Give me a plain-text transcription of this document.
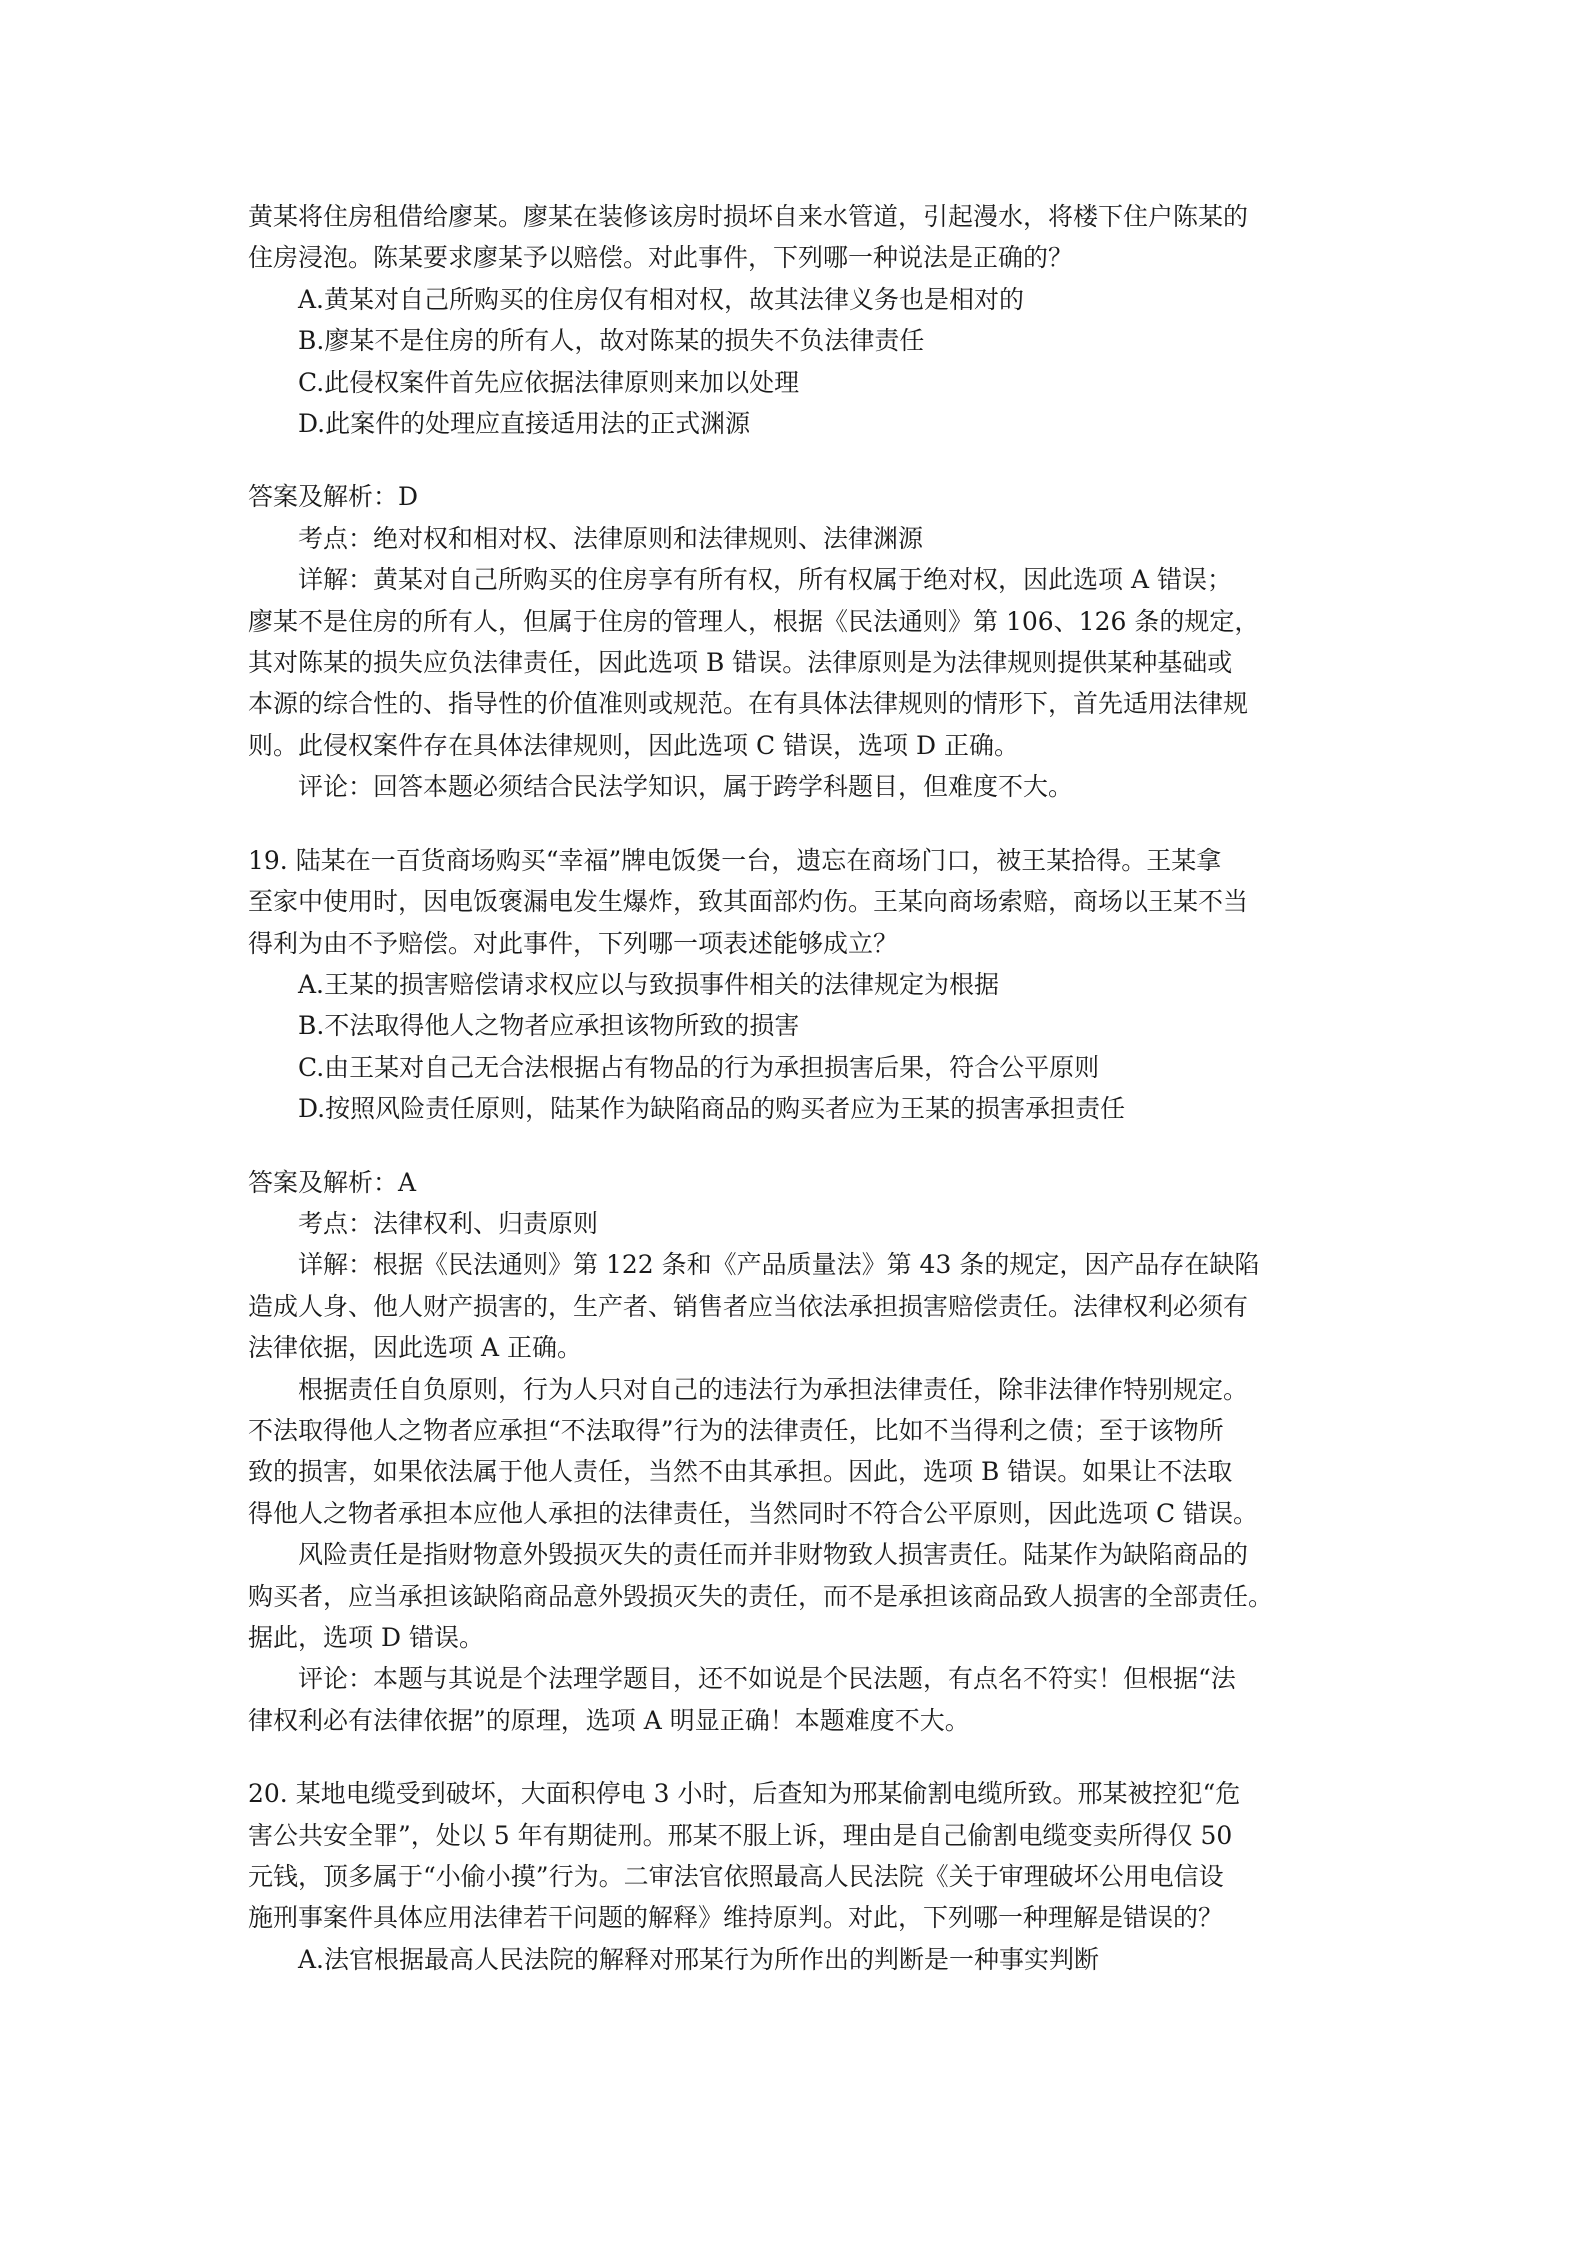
黄某将住房租借给廖某。廖某在装修该房时损坏自来水管道，引起漫水，将楼下住户陈某的

住房浸泡。陈某要求廖某予以赔偿。对此事件，下列哪一种说法是正确的？

A.黄某对自己所购买的住房仅有相对权，故其法律义务也是相对的

B.廖某不是住房的所有人，故对陈某的损失不负法律责任

C.此侵权案件首先应依据法律原则来加以处理

D.此案件的处理应直接适用法的正式渊源

答案及解析：D

考点：绝对权和相对权、法律原则和法律规则、法律渊源

详解：黄某对自己所购买的住房享有所有权，所有权属于绝对权，因此选项 A 错误；

廖某不是住房的所有人，但属于住房的管理人，根据《民法通则》第 106、126 条的规定，

其对陈某的损失应负法律责任，因此选项 B 错误。法律原则是为法律规则提供某种基础或

本源的综合性的、指导性的价值准则或规范。在有具体法律规则的情形下，首先适用法律规

则。此侵权案件存在具体法律规则，因此选项 C 错误，选项 D 正确。

评论：回答本题必须结合民法学知识，属于跨学科题目，但难度不大。

19. 陆某在一百货商场购买“幸福”牌电饭煲一台，遗忘在商场门口，被王某拾得。王某拿

至家中使用时，因电饭褒漏电发生爆炸，致其面部灼伤。王某向商场索赔，商场以王某不当

得利为由不予赔偿。对此事件，下列哪一项表述能够成立？

A.王某的损害赔偿请求权应以与致损事件相关的法律规定为根据

B.不法取得他人之物者应承担该物所致的损害

C.由王某对自己无合法根据占有物品的行为承担损害后果，符合公平原则

D.按照风险责任原则，陆某作为缺陷商品的购买者应为王某的损害承担责任

答案及解析：A

考点：法律权利、归责原则

详解：根据《民法通则》第 122 条和《产品质量法》第 43 条的规定，因产品存在缺陷

造成人身、他人财产损害的，生产者、销售者应当依法承担损害赔偿责任。法律权利必须有

法律依据，因此选项 A 正确。

根据责任自负原则，行为人只对自己的违法行为承担法律责任，除非法律作特别规定。

不法取得他人之物者应承担“不法取得”行为的法律责任，比如不当得利之债；至于该物所

致的损害，如果依法属于他人责任，当然不由其承担。因此，选项 B 错误。如果让不法取

得他人之物者承担本应他人承担的法律责任，当然同时不符合公平原则，因此选项 C 错误。

风险责任是指财物意外毁损灭失的责任而并非财物致人损害责任。陆某作为缺陷商品的

购买者，应当承担该缺陷商品意外毁损灭失的责任，而不是承担该商品致人损害的全部责任。

据此，选项 D 错误。

评论：本题与其说是个法理学题目，还不如说是个民法题，有点名不符实！但根据“法

律权利必有法律依据”的原理，选项 A 明显正确！本题难度不大。

20. 某地电缆受到破坏，大面积停电 3 小时，后查知为邢某偷割电缆所致。邢某被控犯“危

害公共安全罪”，处以 5 年有期徒刑。邢某不服上诉，理由是自己偷割电缆变卖所得仅 50

元钱，顶多属于“小偷小摸”行为。二审法官依照最高人民法院《关于审理破坏公用电信设

施刑事案件具体应用法律若干问题的解释》维持原判。对此，下列哪一种理解是错误的？

A.法官根据最高人民法院的解释对邢某行为所作出的判断是一种事实判断
